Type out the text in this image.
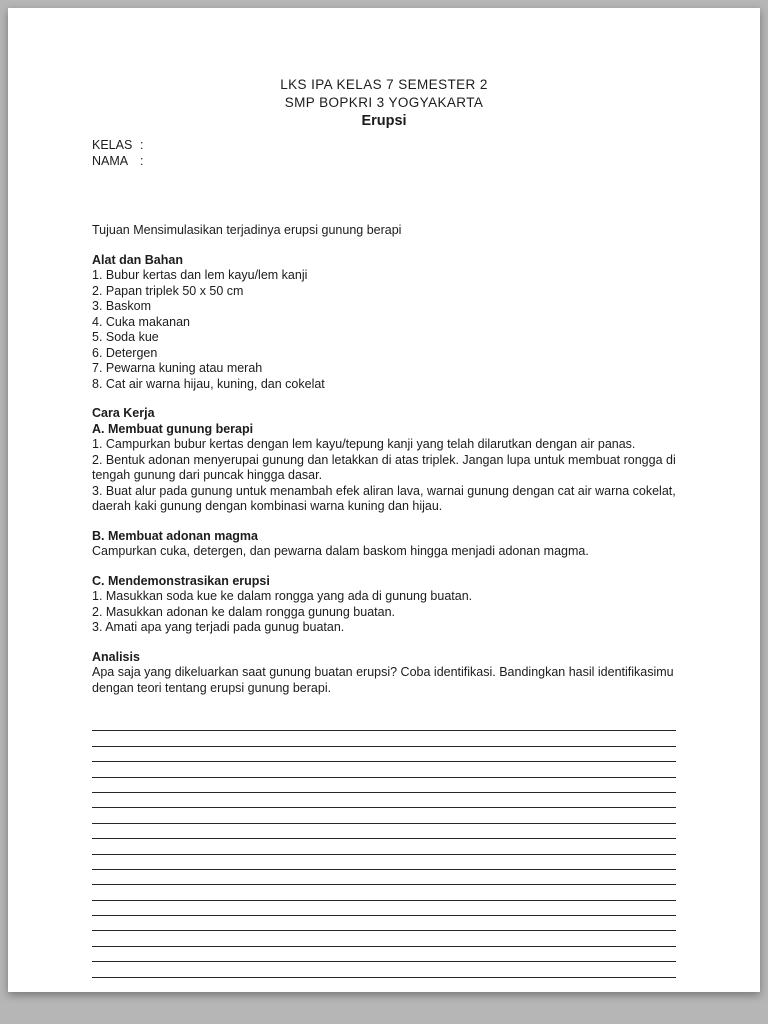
LKS IPA KELAS 7 SEMESTER 2
SMP BOPKRI 3 YOGYAKARTA
Erupsi
KELAS :
NAMA :

Tujuan Mensimulasikan terjadinya erupsi gunung berapi

Alat dan Bahan

1. Bubur kertas dan lem kayu/lem kanji

2. Papan triplek 50 x 50 cm

3. Baskom

4. Cuka makanan

5. Soda kue

6. Detergen

7. Pewarna kuning atau merah

8. Cat air warna hijau, kuning, dan cokelat

Cara Kerja
A. Membuat gunung berapi

1. Campurkan bubur kertas dengan lem kayu/tepung kanji yang telah dilarutkan dengan air panas.

2. Bentuk adonan menyerupai gunung dan letakkan di atas triplek. Jangan lupa untuk membuat rongga di tengah gunung dari puncak hingga dasar.

3. Buat alur pada gunung untuk menambah efek aliran lava, warnai gunung dengan cat air warna cokelat, daerah kaki gunung dengan kombinasi warna kuning dan hijau.

B. Membuat adonan magma

Campurkan cuka, detergen, dan pewarna dalam baskom hingga menjadi adonan magma.

C. Mendemonstrasikan erupsi

1. Masukkan soda kue ke dalam rongga yang ada di gunung buatan.

2. Masukkan adonan ke dalam rongga gunung buatan.

3. Amati apa yang terjadi pada gunug buatan.

Analisis

Apa saja yang dikeluarkan saat gunung buatan erupsi? Coba identifikasi. Bandingkan hasil identifikasimu dengan teori tentang erupsi gunung berapi.
